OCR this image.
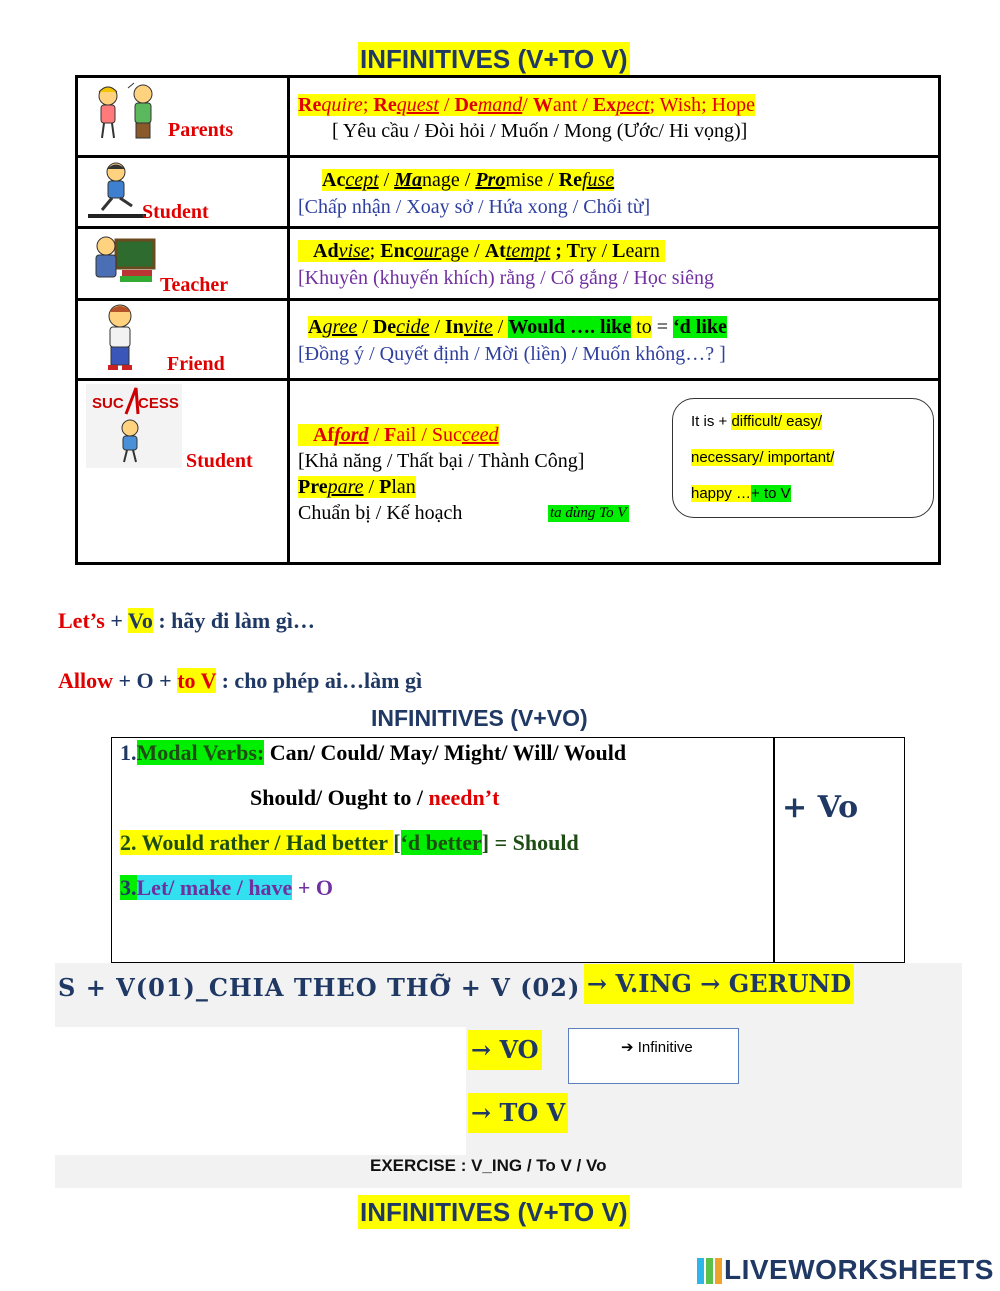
INFINITIVES (V+TO V)
Parents
Require; Request / Demand/ Want / Expect; Wish; Hope
[ Yêu cầu / Đòi hỏi / Muốn / Mong (Ước/ Hi vọng)]
Student
Accept / Manage / Promise / Refuse
[Chấp nhận / Xoay sở / Hứa xong / Chối từ]
Teacher
Advise; Encourage / Attempt ; Try / Learn
[Khuyên (khuyến khích) rằng / Cố gắng / Học siêng
Friend
Agree / Decide / Invite / Would …. like to = ‘d like
[Đồng ý / Quyết định / Mời (liền) / Muốn không…? ]
SUC CESS
Student
Afford / Fail / Succeed
[Khả năng / Thất bại / Thành Công]
Prepare / Plan
Chuẩn bị / Kế hoạch	ta dùng To V
It is + difficult/ easy/
necessary/ important/
happy …+ to V
Let’s + Vo : hãy đi làm gì…
Allow + O + to V : cho phép ai…làm gì
INFINITIVES (V+VO)
1.Modal Verbs: Can/ Could/ May/ Might/ Will/ Would
Should/ Ought to / needn’t
2. Would rather / Had better [‘d better] = Should
3.Let/ make / have + O
+ Vo
S + V(01)_CHIA THEO THỠ + V (02) → V.ING → GERUND
→ VO
→ TO V
➔ Infinitive
EXERCISE : V_ING / To V / Vo
INFINITIVES (V+TO V)
LIVEWORKSHEETS
